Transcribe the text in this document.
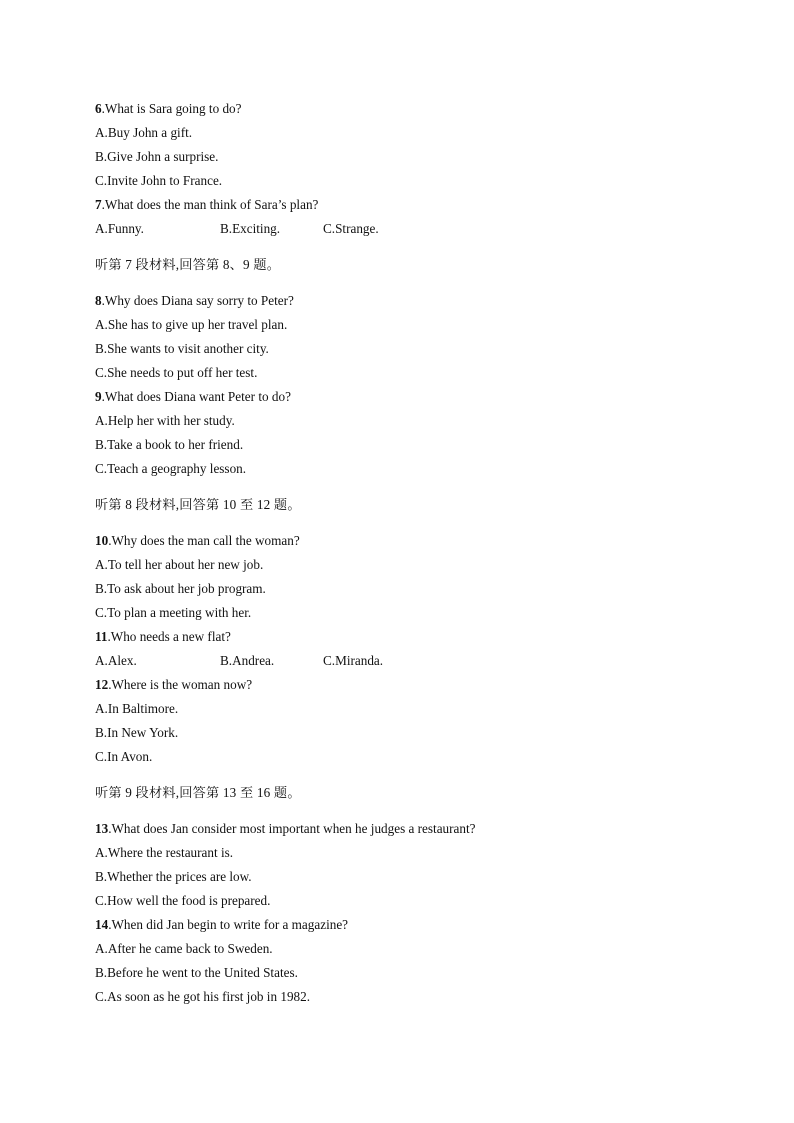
6.What is Sara going to do?
A.Buy John a gift.
B.Give John a surprise.
C.Invite John to France.
7.What does the man think of Sara’s plan?
A.Funny.	B.Exciting.	C.Strange.
听第 7 段材料,回答第 8、9 题。
8.Why does Diana say sorry to Peter?
A.She has to give up her travel plan.
B.She wants to visit another city.
C.She needs to put off her test.
9.What does Diana want Peter to do?
A.Help her with her study.
B.Take a book to her friend.
C.Teach a geography lesson.
听第 8 段材料,回答第 10 至 12 题。
10.Why does the man call the woman?
A.To tell her about her new job.
B.To ask about her job program.
C.To plan a meeting with her.
11.Who needs a new flat?
A.Alex.	B.Andrea.	C.Miranda.
12.Where is the woman now?
A.In Baltimore.
B.In New York.
C.In Avon.
听第 9 段材料,回答第 13 至 16 题。
13.What does Jan consider most important when he judges a restaurant?
A.Where the restaurant is.
B.Whether the prices are low.
C.How well the food is prepared.
14.When did Jan begin to write for a magazine?
A.After he came back to Sweden.
B.Before he went to the United States.
C.As soon as he got his first job in 1982.
